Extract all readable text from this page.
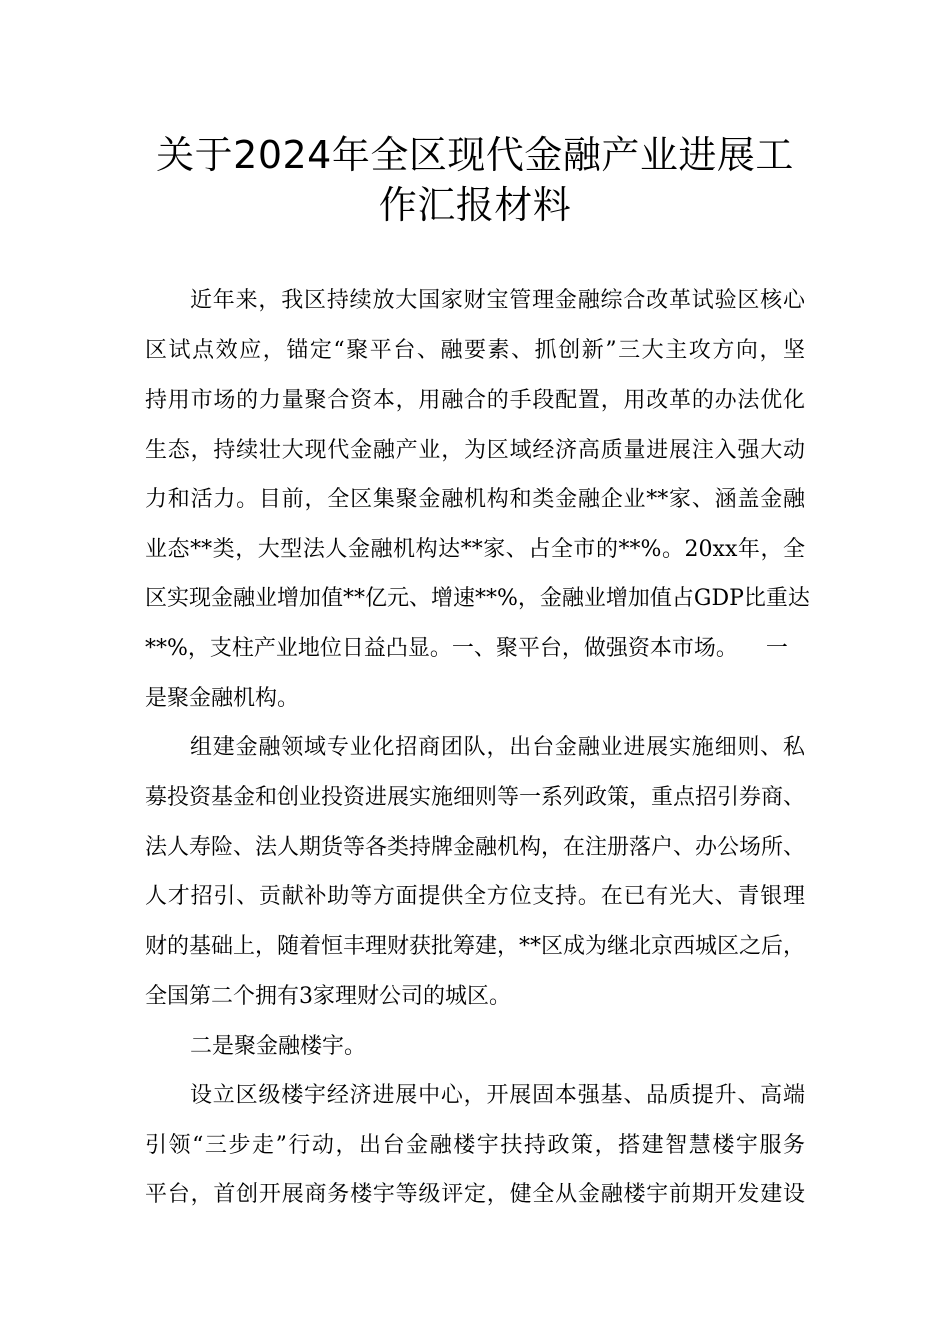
关于2024年全区现代金融产业进展工
作汇报材料
近年来，我区持续放大国家财宝管理金融综合改革试验区核心
区试点效应，锚定“聚平台、融要素、抓创新”三大主攻方向，坚
持用市场的力量聚合资本，用融合的手段配置，用改革的办法优化
生态，持续壮大现代金融产业，为区域经济高质量进展注入强大动
力和活力。目前，全区集聚金融机构和类金融企业**家、涵盖金融
业态**类，大型法人金融机构达**家、占全市的**%。20xx年，全
区实现金融业增加值**亿元、增速**%，金融业增加值占GDP比重达
**%，支柱产业地位日益凸显。一、聚平台，做强资本市场。    一
是聚金融机构。
组建金融领域专业化招商团队，出台金融业进展实施细则、私
募投资基金和创业投资进展实施细则等一系列政策，重点招引券商、
法人寿险、法人期货等各类持牌金融机构，在注册落户、办公场所、
人才招引、贡献补助等方面提供全方位支持。在已有光大、青银理
财的基础上，随着恒丰理财获批筹建，**区成为继北京西城区之后，
全国第二个拥有3家理财公司的城区。
二是聚金融楼宇。
设立区级楼宇经济进展中心，开展固本强基、品质提升、高端
引领“三步走”行动，出台金融楼宇扶持政策，搭建智慧楼宇服务
平台，首创开展商务楼宇等级评定，健全从金融楼宇前期开发建设
